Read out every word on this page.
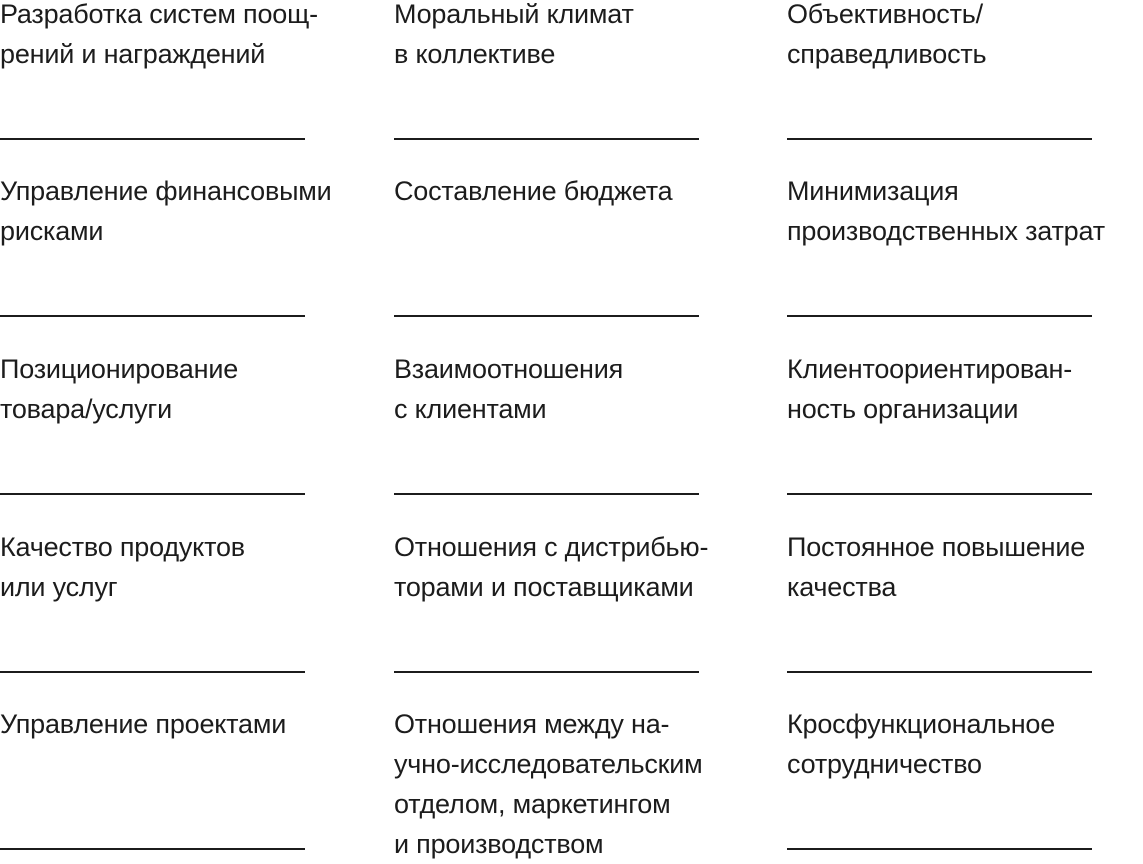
Разработка систем поощ-
рений и награждений

Моральный климат
в коллективе

Объективность/
справедливость

Управление финансовыми
рисками

Составление бюджета	Минимизация
производственных затрат

Позиционирование
товара/услуги

Взаимоотношения
с клиентами

Клиентоориентирован-
ность организации

Качество продуктов
или услуг

Отношения с дистрибью-
торами и поставщиками

Постоянное повышение
качества

Управление проектами	Отношения между на-
учно-исследовательским
отделом, маркетингом
и производством

Кросфункциональное
сотрудничество
